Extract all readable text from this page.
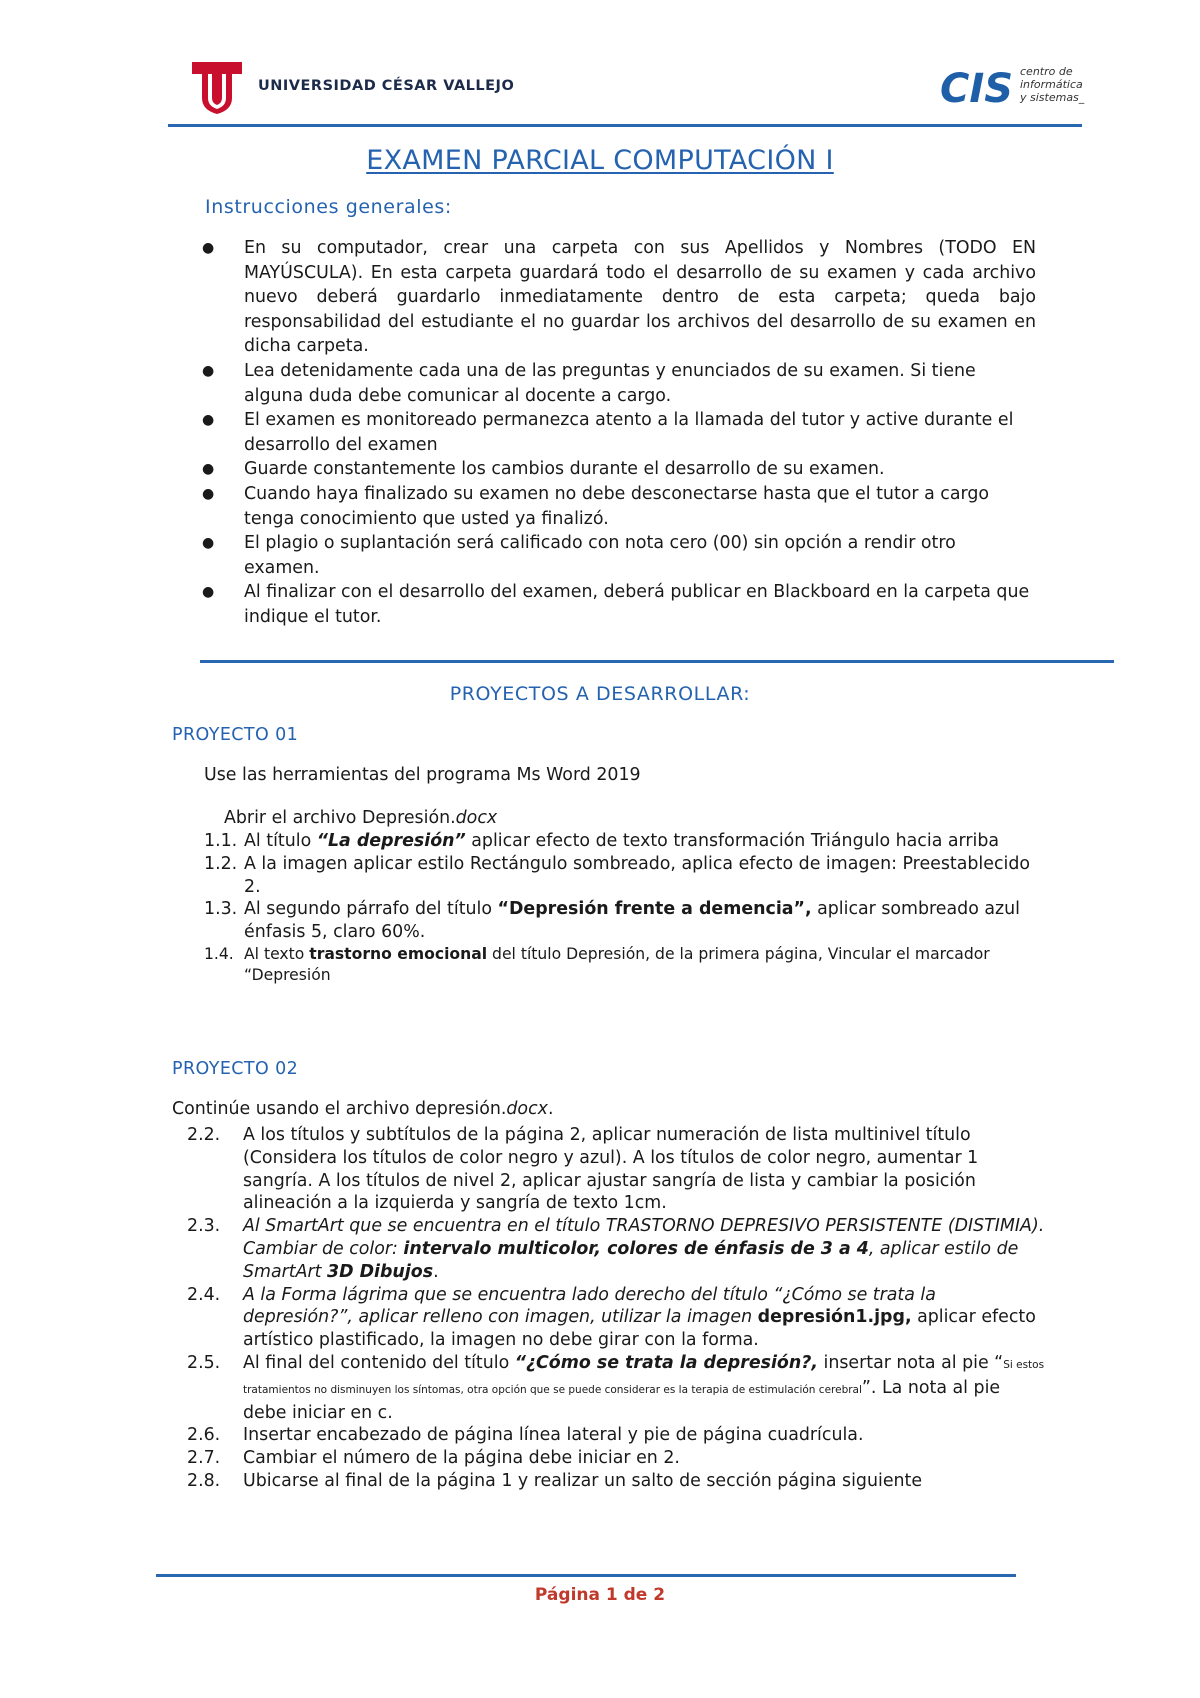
UNIVERSIDAD CÉSAR VALLEJO	CIS centro de
informática
y sistemas_
EXAMEN PARCIAL COMPUTACIÓN I
Instrucciones generales:
● En su computador, crear una carpeta con sus Apellidos y Nombres (TODO EN MAYÚSCULA). En esta carpeta guardará todo el desarrollo de su examen y cada archivo nuevo deberá guardarlo inmediatamente dentro de esta carpeta; queda bajo responsabilidad del estudiante el no guardar los archivos del desarrollo de su examen en dicha carpeta.
● Lea detenidamente cada una de las preguntas y enunciados de su examen. Si tiene alguna duda debe comunicar al docente a cargo.
● El examen es monitoreado permanezca atento a la llamada del tutor y active durante el desarrollo del examen
● Guarde constantemente los cambios durante el desarrollo de su examen.
● Cuando haya finalizado su examen no debe desconectarse hasta que el tutor a cargo tenga conocimiento que usted ya finalizó.
● El plagio o suplantación será calificado con nota cero (00) sin opción a rendir otro examen.
● Al finalizar con el desarrollo del examen, deberá publicar en Blackboard en la carpeta que indique el tutor.
PROYECTOS A DESARROLLAR:
PROYECTO 01
Use las herramientas del programa Ms Word 2019
Abrir el archivo Depresión.docx
1.1. Al título “La depresión” aplicar efecto de texto transformación Triángulo hacia arriba
1.2. A la imagen aplicar estilo Rectángulo sombreado, aplica efecto de imagen: Preestablecido 2.
1.3. Al segundo párrafo del título “Depresión frente a demencia”, aplicar sombreado azul énfasis 5, claro 60%.
1.4. Al texto trastorno emocional del título Depresión, de la primera página, Vincular el marcador “Depresión
PROYECTO 02
Continúe usando el archivo depresión.docx.
2.2. A los títulos y subtítulos de la página 2, aplicar numeración de lista multinivel título (Considera los títulos de color negro y azul). A los títulos de color negro, aumentar 1 sangría. A los títulos de nivel 2, aplicar ajustar sangría de lista y cambiar la posición alineación a la izquierda y sangría de texto 1cm.
2.3. Al SmartArt que se encuentra en el título TRASTORNO DEPRESIVO PERSISTENTE (DISTIMIA). Cambiar de color: intervalo multicolor, colores de énfasis de 3 a 4, aplicar estilo de SmartArt 3D Dibujos.
2.4. A la Forma lágrima que se encuentra lado derecho del título “¿Cómo se trata la depresión?”, aplicar relleno con imagen, utilizar la imagen depresión1.jpg, aplicar efecto artístico plastificado, la imagen no debe girar con la forma.
2.5. Al final del contenido del título “¿Cómo se trata la depresión?, insertar nota al pie “Si estos tratamientos no disminuyen los síntomas, otra opción que se puede considerar es la terapia de estimulación cerebral”. La nota al pie debe iniciar en c.
2.6. Insertar encabezado de página línea lateral y pie de página cuadrícula.
2.7. Cambiar el número de la página debe iniciar en 2.
2.8. Ubicarse al final de la página 1 y realizar un salto de sección página siguiente
Página 1 de 2
